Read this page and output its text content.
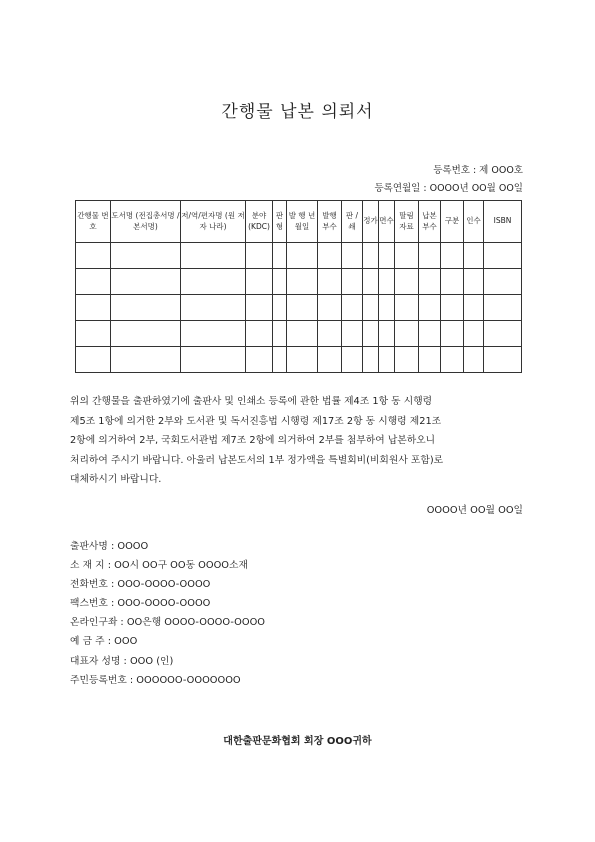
간행물 납본 의뢰서
등록번호 : 제 OOO호
등록연월일 : OOOO년 OO월 OO일
간행물 번 호	도서명 (전집총서명 / 본서명)	저/역/편자명 (원 저자 나라)	분야 (KDC)	판형	발 행 년월일	발행 부수	판 / 쇄	정가	면수	딸림 자료	납본 부수	구분	인수	ISBN

위의 간행물을 출판하였기에 출판사 및 인쇄소 등록에 관한 법률 제4조 1항 동 시행령
제5조 1항에 의거한 2부와 도서관 및 독서진흥법 시행령 제17조 2항 동 시행령 제21조
2항에 의거하여 2부, 국회도서관법 제7조 2항에 의거하여 2부를 첨부하여 납본하오니
처리하여 주시기 바랍니다. 아울러 납본도서의 1부 정가액을 특별회비(비회원사 포함)로
대체하시기 바랍니다.
OOOO년 OO월 OO일
출판사명 : OOOO
소 재 지 : OO시 OO구 OO동 OOOO소재
전화번호 : OOO-OOOO-OOOO
팩스번호 : OOO-OOOO-OOOO
온라인구좌 : OO은행 OOOO-OOOO-OOOO
예 금 주 : OOO
대표자 성명 : OOO (인)
주민등록번호 : OOOOOO-OOOOOOO
대한출판문화협회 회장 OOO귀하
